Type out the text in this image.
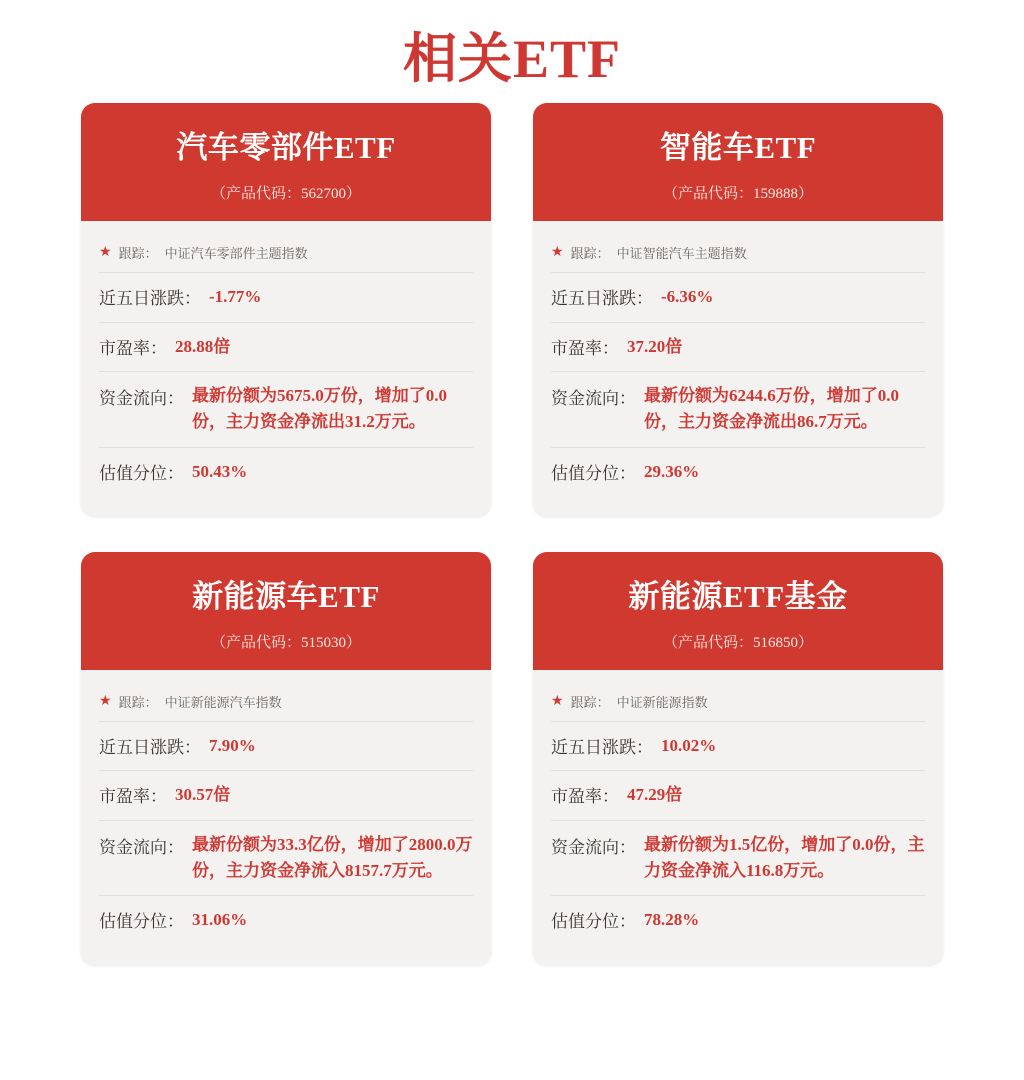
相关ETF
汽车零部件ETF
（产品代码：562700）
★ 跟踪： 中证汽车零部件主题指数
近五日涨跌： -1.77%
市盈率： 28.88倍
资金流向： 最新份额为5675.0万份，增加了0.0份，主力资金净流出31.2万元。
估值分位： 50.43%
智能车ETF
（产品代码：159888）
★ 跟踪： 中证智能汽车主题指数
近五日涨跌： -6.36%
市盈率： 37.20倍
资金流向： 最新份额为6244.6万份，增加了0.0份，主力资金净流出86.7万元。
估值分位： 29.36%
新能源车ETF
（产品代码：515030）
★ 跟踪： 中证新能源汽车指数
近五日涨跌： 7.90%
市盈率： 30.57倍
资金流向： 最新份额为33.3亿份，增加了2800.0万份，主力资金净流入8157.7万元。
估值分位： 31.06%
新能源ETF基金
（产品代码：516850）
★ 跟踪： 中证新能源指数
近五日涨跌： 10.02%
市盈率： 47.29倍
资金流向： 最新份额为1.5亿份，增加了0.0份，主力资金净流入116.8万元。
估值分位： 78.28%
